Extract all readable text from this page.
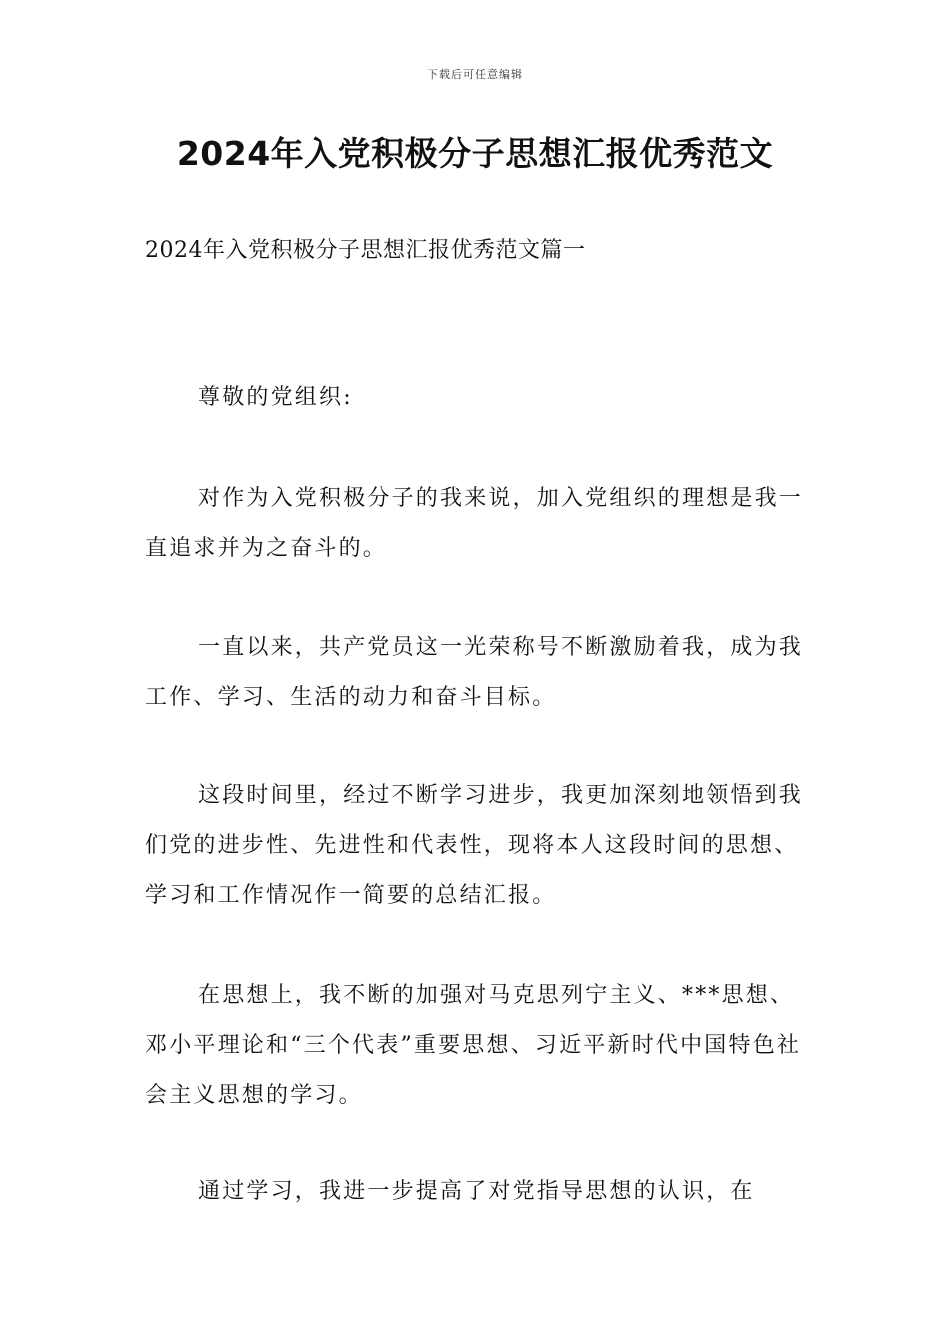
下载后可任意编辑
2024年入党积极分子思想汇报优秀范文
2024年入党积极分子思想汇报优秀范文篇一

尊敬的党组织:

对作为入党积极分子的我来说，加入党组织的理想是我一直追求并为之奋斗的。

一直以来，共产党员这一光荣称号不断激励着我，成为我工作、学习、生活的动力和奋斗目标。

这段时间里，经过不断学习进步，我更加深刻地领悟到我们党的进步性、先进性和代表性，现将本人这段时间的思想、学习和工作情况作一简要的总结汇报。

在思想上，我不断的加强对马克思列宁主义、***思想、邓小平理论和“三个代表”重要思想、习近平新时代中国特色社会主义思想的学习。

通过学习，我进一步提高了对党指导思想的认识，在
